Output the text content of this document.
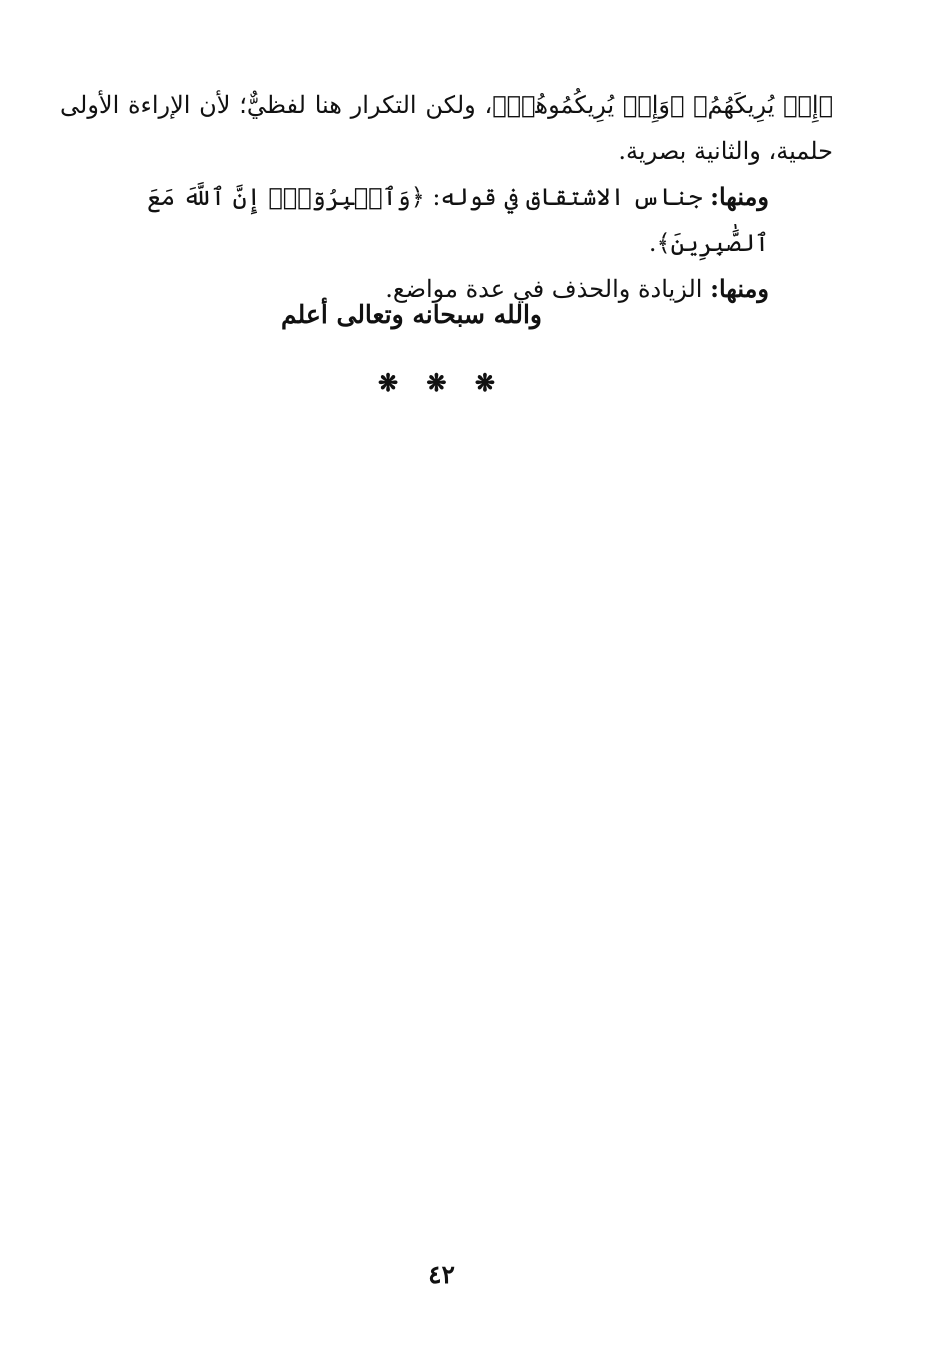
﴿إِذۡ يُرِيكَهُمُ﴾ ﴿وَإِذۡ يُرِيكُمُوهُمۡ﴾، ولكن التكرار هنا لفظيٌّ؛ لأن الإراءة الأولى حلمية، والثانية بصرية.

ومنها: جناس الاشتقاق في قوله: ﴿وَٱصۡبِرُوٓاْۚ إِنَّ ٱللَّهَ مَعَ ٱلصَّٰبِرِينَ﴾.

ومنها: الزيادة والحذف في عدة مواضع.

والله سبحانه وتعالى أعلم
❋ ❋ ❋
٤٢
